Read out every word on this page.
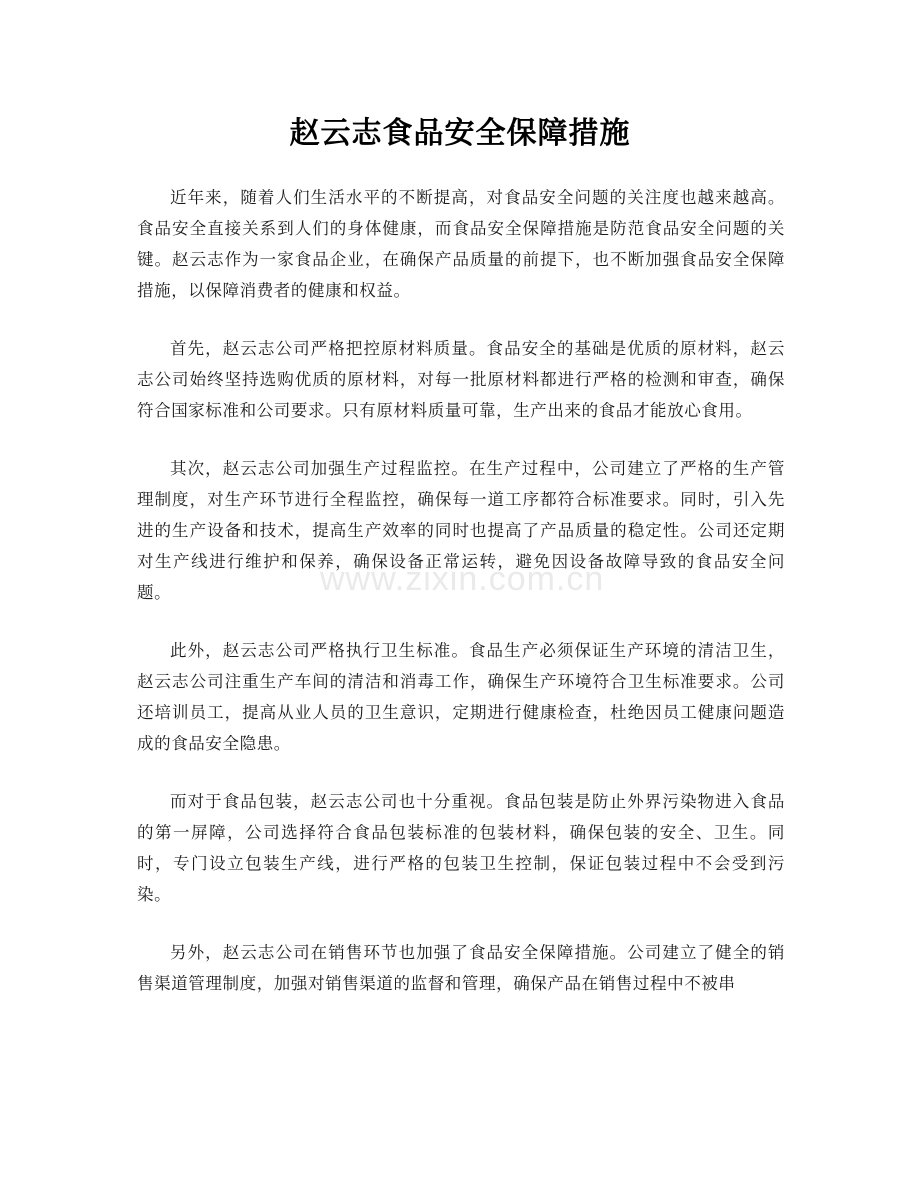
赵云志食品安全保障措施

近年来，随着人们生活水平的不断提高，对食品安全问题的关注度也越来越高。食品安全直接关系到人们的身体健康，而食品安全保障措施是防范食品安全问题的关键。赵云志作为一家食品企业，在确保产品质量的前提下，也不断加强食品安全保障措施，以保障消费者的健康和权益。

首先，赵云志公司严格把控原材料质量。食品安全的基础是优质的原材料，赵云志公司始终坚持选购优质的原材料，对每一批原材料都进行严格的检测和审查，确保符合国家标准和公司要求。只有原材料质量可靠，生产出来的食品才能放心食用。

其次，赵云志公司加强生产过程监控。在生产过程中，公司建立了严格的生产管理制度，对生产环节进行全程监控，确保每一道工序都符合标准要求。同时，引入先进的生产设备和技术，提高生产效率的同时也提高了产品质量的稳定性。公司还定期对生产线进行维护和保养，确保设备正常运转，避免因设备故障导致的食品安全问题。

此外，赵云志公司严格执行卫生标准。食品生产必须保证生产环境的清洁卫生，赵云志公司注重生产车间的清洁和消毒工作，确保生产环境符合卫生标准要求。公司还培训员工，提高从业人员的卫生意识，定期进行健康检查，杜绝因员工健康问题造成的食品安全隐患。

而对于食品包装，赵云志公司也十分重视。食品包装是防止外界污染物进入食品的第一屏障，公司选择符合食品包装标准的包装材料，确保包装的安全、卫生。同时，专门设立包装生产线，进行严格的包装卫生控制，保证包装过程中不会受到污染。

另外，赵云志公司在销售环节也加强了食品安全保障措施。公司建立了健全的销售渠道管理制度，加强对销售渠道的监督和管理，确保产品在销售过程中不被串

www.zixin.com.cn
